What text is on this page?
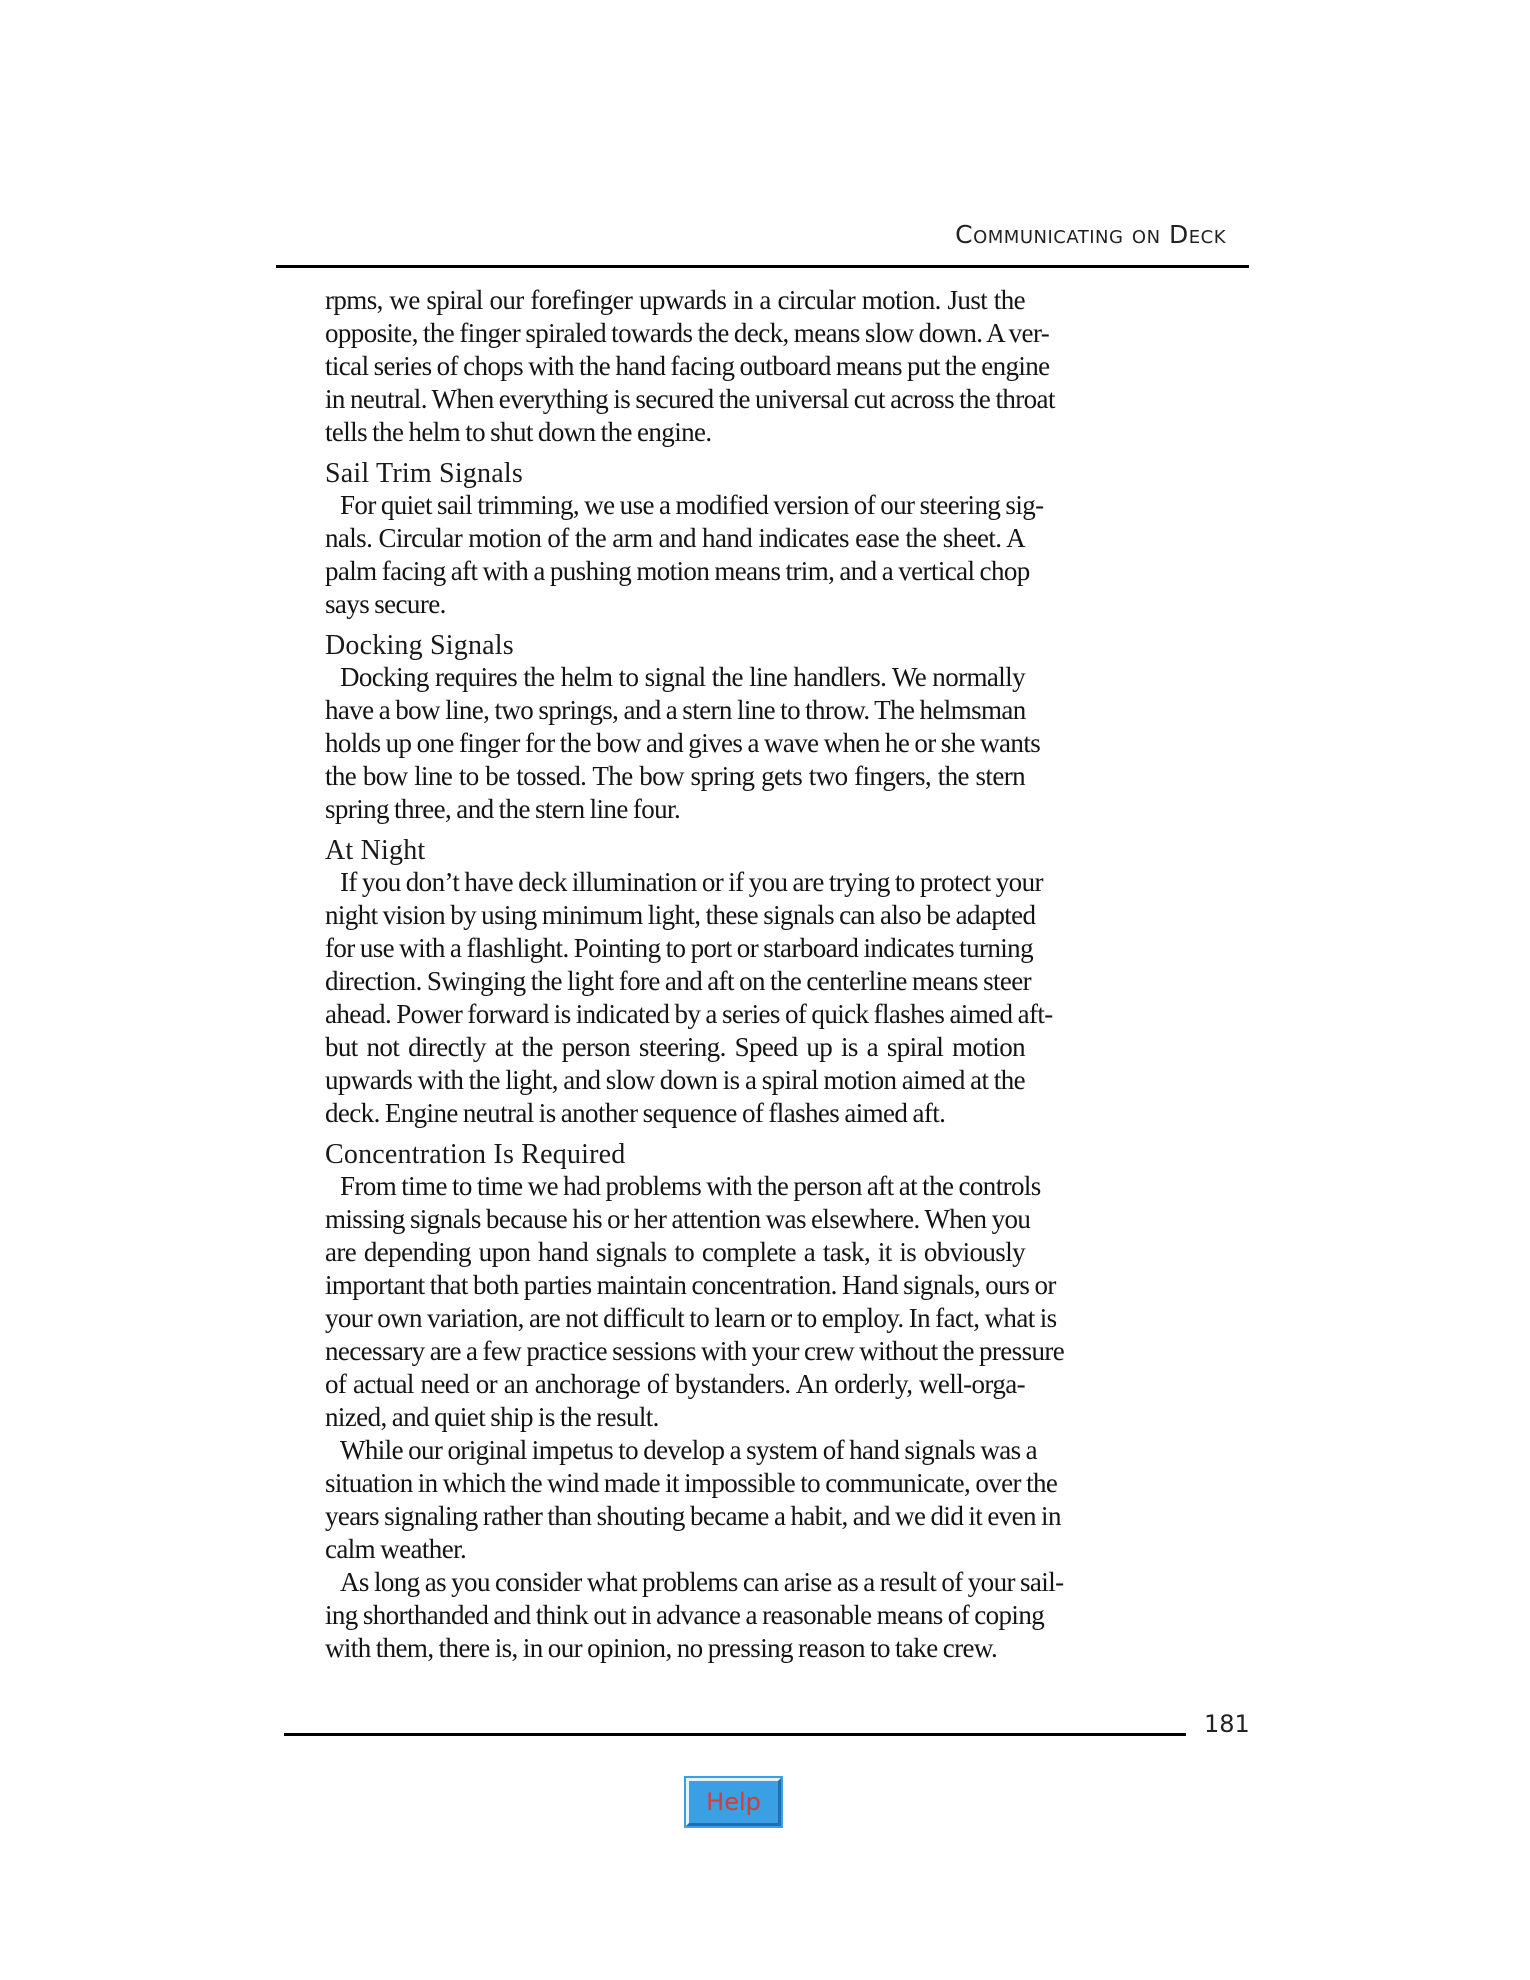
Communicating on Deck
rpms, we spiral our forefinger upwards in a circular motion. Just the
opposite, the finger spiraled towards the deck, means slow down. A ver-
tical series of chops with the hand facing outboard means put the engine
in neutral. When everything is secured the universal cut across the throat
tells the helm to shut down the engine.
Sail Trim Signals
For quiet sail trimming, we use a modified version of our steering sig-
nals. Circular motion of the arm and hand indicates ease the sheet. A
palm facing aft with a pushing motion means trim, and a vertical chop
says secure.
Docking Signals
Docking requires the helm to signal the line handlers. We normally
have a bow line, two springs, and a stern line to throw. The helmsman
holds up one finger for the bow and gives a wave when he or she wants
the bow line to be tossed. The bow spring gets two fingers, the stern
spring three, and the stern line four.
At Night
If you don’t have deck illumination or if you are trying to protect your
night vision by using minimum light, these signals can also be adapted
for use with a flashlight. Pointing to port or starboard indicates turning
direction. Swinging the light fore and aft on the centerline means steer
ahead. Power forward is indicated by a series of quick flashes aimed aft-
but not directly at the person steering. Speed up is a spiral motion
upwards with the light, and slow down is a spiral motion aimed at the
deck. Engine neutral is another sequence of flashes aimed aft.
Concentration Is Required
From time to time we had problems with the person aft at the controls
missing signals because his or her attention was elsewhere. When you
are depending upon hand signals to complete a task, it is obviously
important that both parties maintain concentration. Hand signals, ours or
your own variation, are not difficult to learn or to employ. In fact, what is
necessary are a few practice sessions with your crew without the pressure
of actual need or an anchorage of bystanders. An orderly, well-orga-
nized, and quiet ship is the result.
While our original impetus to develop a system of hand signals was a
situation in which the wind made it impossible to communicate, over the
years signaling rather than shouting became a habit, and we did it even in
calm weather.
As long as you consider what problems can arise as a result of your sail-
ing shorthanded and think out in advance a reasonable means of coping
with them, there is, in our opinion, no pressing reason to take crew.
181
Help
